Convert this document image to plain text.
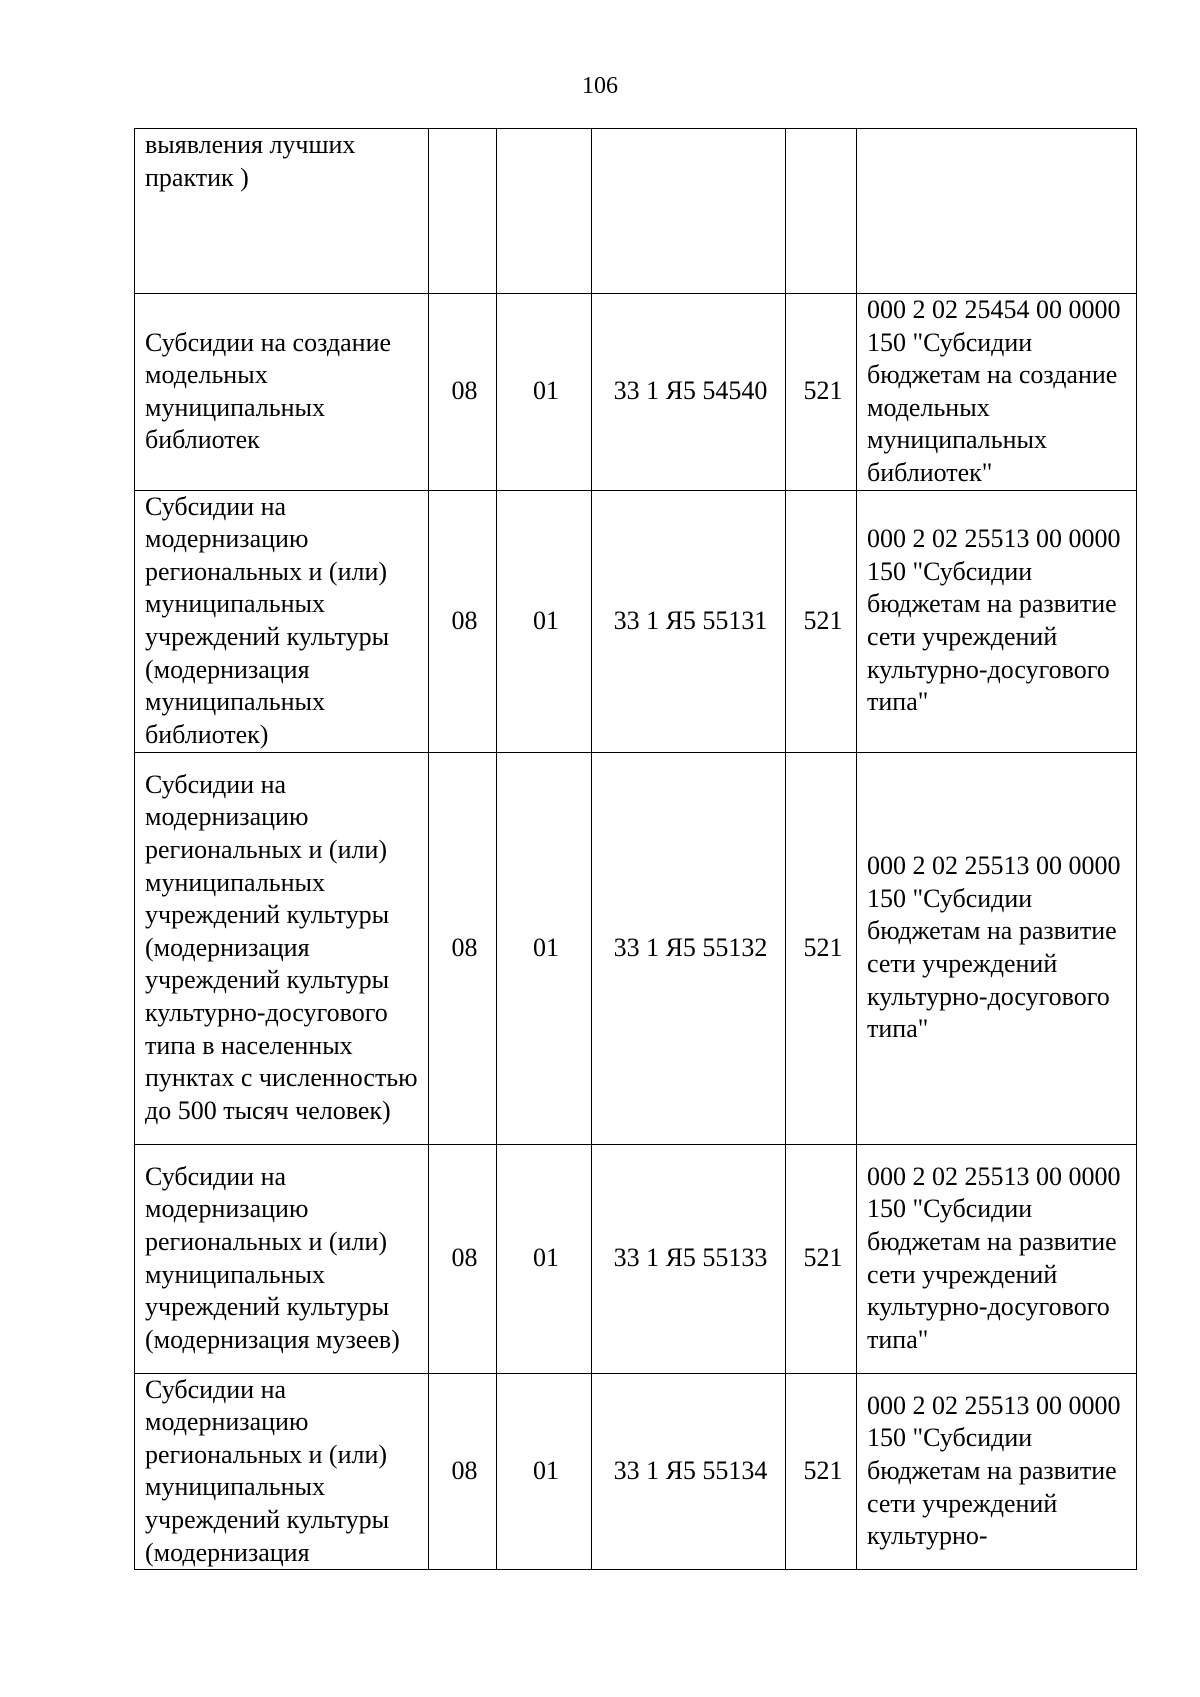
106
выявления лучших практик )					
Субсидии на создание модельных муниципальных библиотек	08	01	33 1 Я5 54540	521	000 2 02 25454 00 0000 150 "Субсидии бюджетам на создание модельных муниципальных библиотек"
Субсидии на модернизацию региональных и (или) муниципальных учреждений культуры (модернизация муниципальных библиотек)	08	01	33 1 Я5 55131	521	000 2 02 25513 00 0000 150 "Субсидии бюджетам на развитие сети учреждений культурно-досугового типа"
Субсидии на модернизацию региональных и (или) муниципальных учреждений культуры (модернизация учреждений культуры культурно-досугового типа в населенных пунктах с численностью до 500 тысяч человек)	08	01	33 1 Я5 55132	521	000 2 02 25513 00 0000 150 "Субсидии бюджетам на развитие сети учреждений культурно-досугового типа"
Субсидии на модернизацию региональных и (или) муниципальных учреждений культуры (модернизация музеев)	08	01	33 1 Я5 55133	521	000 2 02 25513 00 0000 150 "Субсидии бюджетам на развитие сети учреждений культурно-досугового типа"
Субсидии на модернизацию региональных и (или) муниципальных учреждений культуры (модернизация	08	01	33 1 Я5 55134	521	000 2 02 25513 00 0000 150 "Субсидии бюджетам на развитие сети учреждений культурно-
